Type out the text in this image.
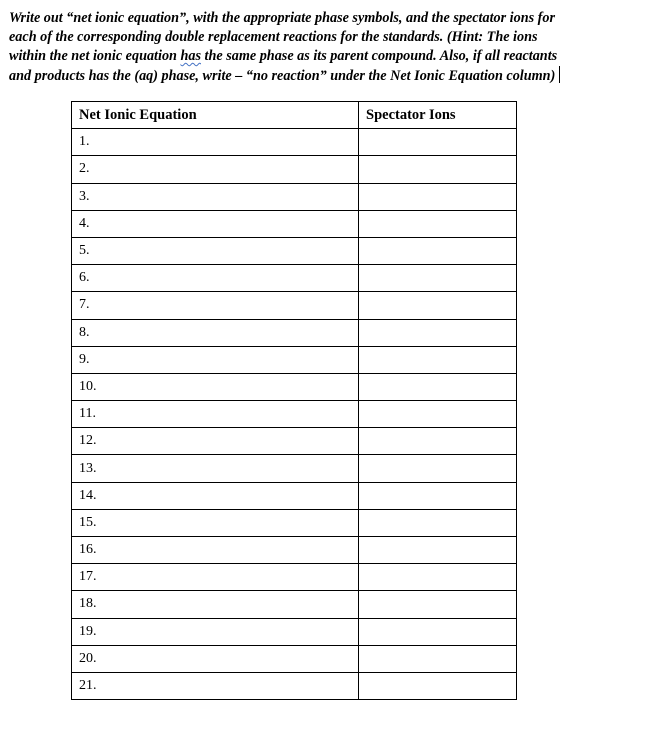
Write out “net ionic equation”, with the appropriate phase symbols, and the spectator ions for
each of the corresponding double replacement reactions for the standards. (Hint: The ions
within the net ionic equation has the same phase as its parent compound. Also, if all reactants
and products has the (aq) phase, write – “no reaction” under the Net Ionic Equation column)
Net Ionic Equation	Spectator Ions
1.	
2.	
3.	
4.	
5.	
6.	
7.	
8.	
9.	
10.	
11.	
12.	
13.	
14.	
15.	
16.	
17.	
18.	
19.	
20.	
21.	
